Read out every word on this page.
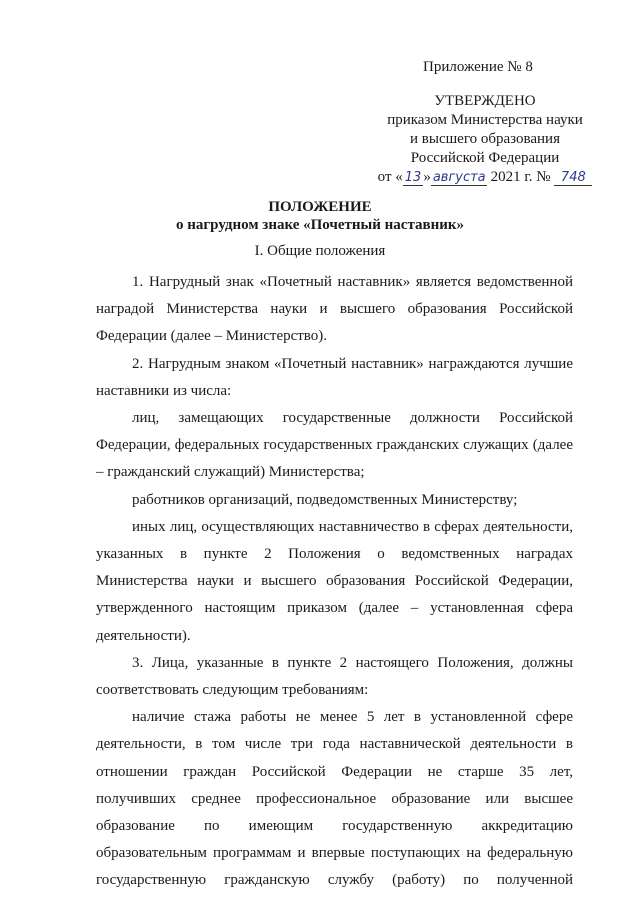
Приложение № 8
УТВЕРЖДЕНО
приказом Министерства науки
и высшего образования
Российской Федерации
от « 13 » августа 2021 г. № 748
ПОЛОЖЕНИЕ
о нагрудном знаке «Почетный наставник»
I. Общие положения

1. Нагрудный знак «Почетный наставник» является ведомственной наградой Министерства науки и высшего образования Российской Федерации (далее – Министерство).

2. Нагрудным знаком «Почетный наставник» награждаются лучшие наставники из числа:

лиц, замещающих государственные должности Российской Федерации, федеральных государственных гражданских служащих (далее – гражданский служащий) Министерства;

работников организаций, подведомственных Министерству;

иных лиц, осуществляющих наставничество в сферах деятельности, указанных в пункте 2 Положения о ведомственных наградах Министерства науки и высшего образования Российской Федерации, утвержденного настоящим приказом (далее – установленная сфера деятельности).

3. Лица, указанные в пункте 2 настоящего Положения, должны соответствовать следующим требованиям:

наличие стажа работы не менее 5 лет в установленной сфере деятельности, в том числе три года наставнической деятельности в отношении граждан Российской Федерации не старше 35 лет, получивших среднее профессиональное образование или высшее образование по имеющим государственную аккредитацию образовательным программам и впервые поступающих на федеральную государственную гражданскую службу (работу) по полученной
